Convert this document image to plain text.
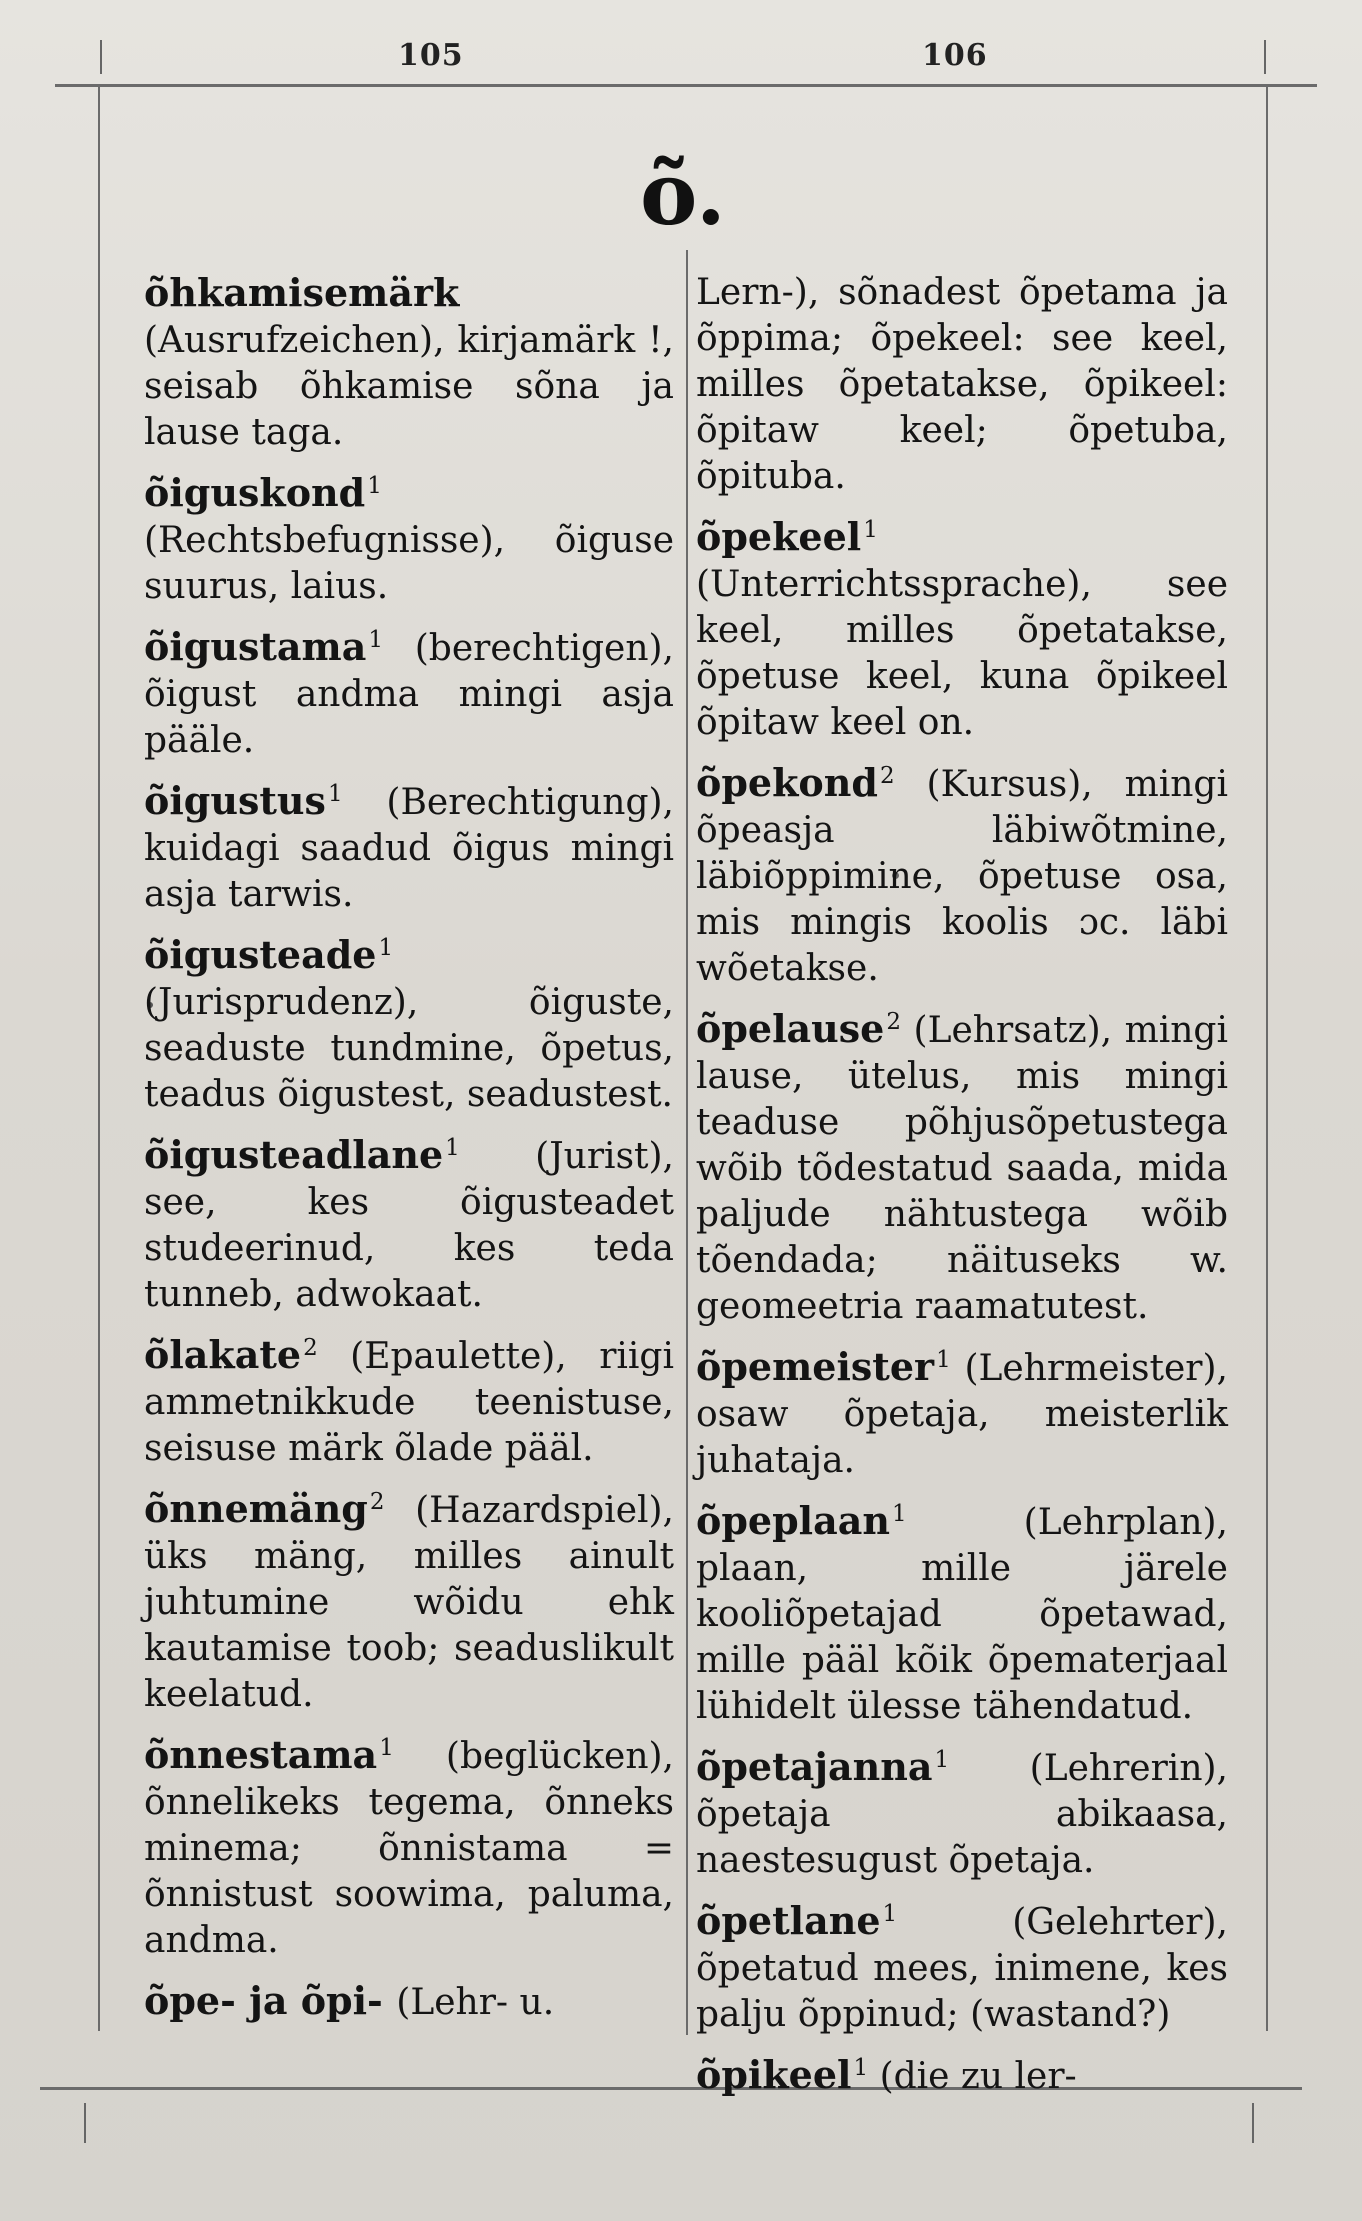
105	106
õ.

õhkamisemärk (Ausrufzeichen), kirjamärk !, seisab õhkamise sõna ja lause taga.

õiguskond$^1$ (Rechtsbefugnisse), õiguse suurus, laius.

õigustama$^1$ (berechtigen), õigust andma mingi asja pääle.

õigustus$^1$ (Berechtigung), kuidagi saadud õigus mingi asja tarwis.

õigusteade$^1$ (Jurisprudenz), õiguste, seaduste tundmine, õpetus, teadus õigustest, seadustest.

õigusteadlane$^1$ (Jurist), see, kes õigusteadet studeerinud, kes teda tunneb, adwokaat.

õlakate$^2$ (Epaulette), riigi ammetnikkude teenistuse, seisuse märk õlade pääl.

õnnemäng$^2$ (Hazardspiel), üks mäng, milles ainult juhtumine wõidu ehk kautamise toob; seaduslikult keelatud.

õnnestama$^1$ (beglücken), õnnelikeks tegema, õnneks minema; õnnistama = õnnistust soowima, paluma, andma.

õpe- ja õpi- (Lehr- u.

Lern-), sõnadest õpetama ja õppima; õpekeel: see keel, milles õpetatakse, õpikeel: õpitaw keel; õpetuba, õpituba.

õpekeel$^1$ (Unterrichtssprache), see keel, milles õpetatakse, õpetuse keel, kuna õpikeel õpitaw keel on.

õpekond$^2$ (Kursus), mingi õpeasja läbiwõtmine, läbiõppimine, õpetuse osa, mis mingis koolis ɔc. läbi wõetakse.

õpelause$^2$ (Lehrsatz), mingi lause, ütelus, mis mingi teaduse põhjusõpetustega wõib tõdestatud saada, mida paljude nähtustega wõib tõendada; näituseks w. geomeetria raamatutest.

õpemeister$^1$ (Lehrmeister), osaw õpetaja, meisterlik juhataja.

õpeplaan$^1$ (Lehrplan), plaan, mille järele kooliõpetajad õpetawad, mille pääl kõik õpematerjaal lühidelt ülesse tähendatud.

õpetajanna$^1$ (Lehrerin), õpetaja abikaasa, naestesugust õpetaja.

õpetlane$^1$ (Gelehrter), õpetatud mees, inimene, kes palju õppinud; (wastand?)

õpikeel$^1$ (die zu ler-
